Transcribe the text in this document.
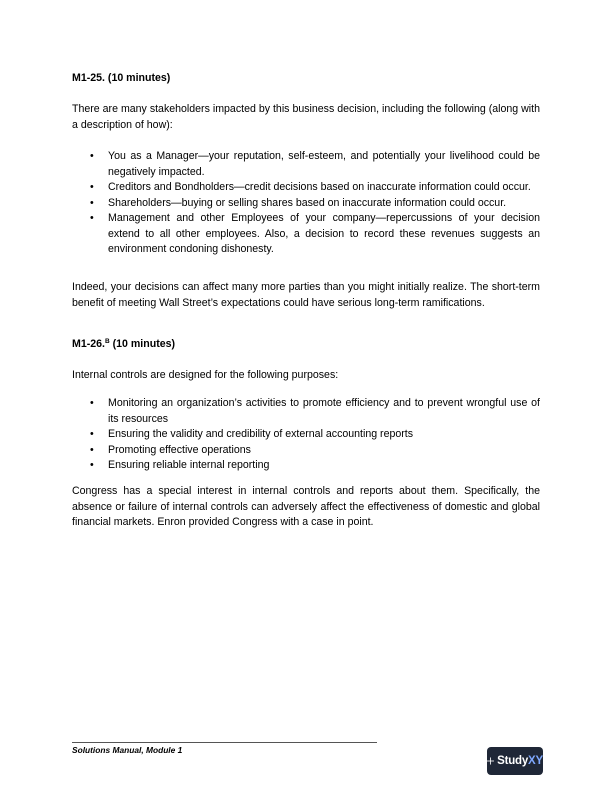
M1-25. (10 minutes)

There are many stakeholders impacted by this business decision, including the following (along with a description of how):

• You as a Manager—your reputation, self-esteem, and potentially your livelihood could be negatively impacted.
• Creditors and Bondholders—credit decisions based on inaccurate information could occur.
• Shareholders—buying or selling shares based on inaccurate information could occur.
• Management and other Employees of your company—repercussions of your decision extend to all other employees. Also, a decision to record these revenues suggests an environment condoning dishonesty.

Indeed, your decisions can affect many more parties than you might initially realize. The short-term benefit of meeting Wall Street’s expectations could have serious long-term ramifications.

M1-26.$^B$ (10 minutes)

Internal controls are designed for the following purposes:

• Monitoring an organization’s activities to promote efficiency and to prevent wrongful use of its resources
• Ensuring the validity and credibility of external accounting reports
• Promoting effective operations
• Ensuring reliable internal reporting

Congress has a special interest in internal controls and reports about them. Specifically, the absence or failure of internal controls can adversely affect the effectiveness of domestic and global financial markets. Enron provided Congress with a case in point.

Solutions Manual, Module 1
StudyXY
